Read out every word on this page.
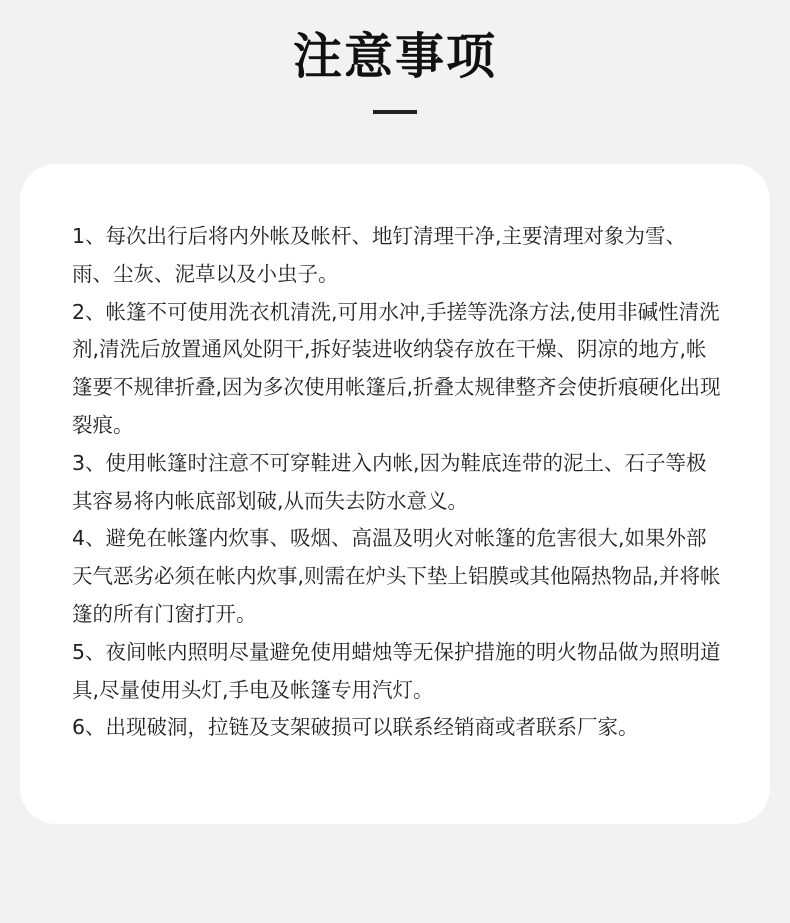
注意事项

1、每次出行后将内外帐及帐杆、地钉清理干净,主要清理对象为雪、雨、尘灰、泥草以及小虫子。

2、帐篷不可使用洗衣机清洗,可用水冲,手搓等洗涤方法,使用非碱性清洗剂,清洗后放置通风处阴干,拆好装进收纳袋存放在干燥、阴凉的地方,帐篷要不规律折叠,因为多次使用帐篷后,折叠太规律整齐会使折痕硬化出现裂痕。

3、使用帐篷时注意不可穿鞋进入内帐,因为鞋底连带的泥土、石子等极其容易将内帐底部划破,从而失去防水意义。

4、避免在帐篷内炊事、吸烟、高温及明火对帐篷的危害很大,如果外部天气恶劣必须在帐内炊事,则需在炉头下垫上铝膜或其他隔热物品,并将帐篷的所有门窗打开。

5、夜间帐内照明尽量避免使用蜡烛等无保护措施的明火物品做为照明道具,尽量使用头灯,手电及帐篷专用汽灯。

6、出现破洞，拉链及支架破损可以联系经销商或者联系厂家。
